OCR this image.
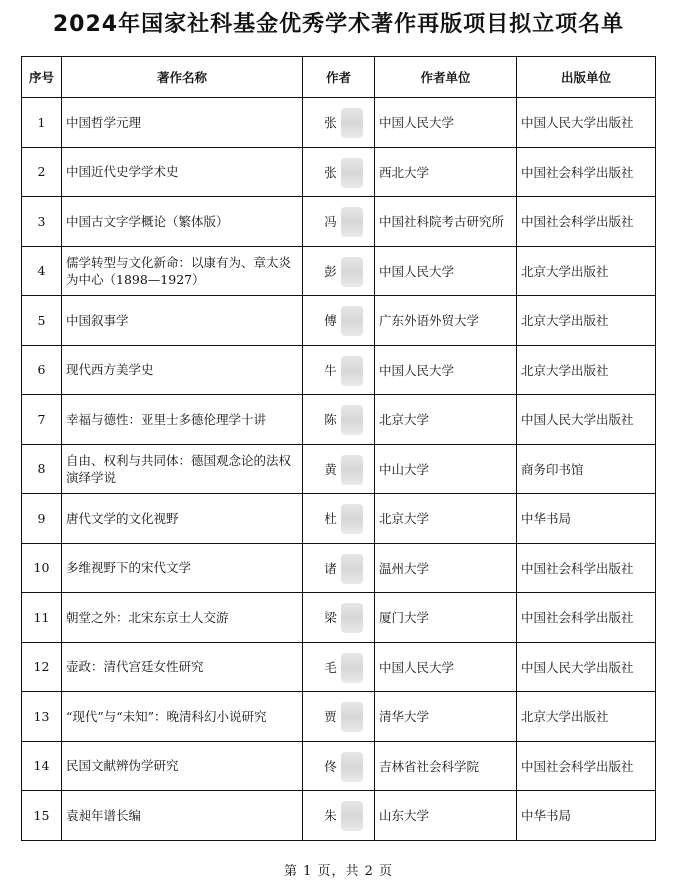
2024年国家社科基金优秀学术著作再版项目拟立项名单
序号	著作名称	作者	作者单位	出版单位
1	中国哲学元理	张	中国人民大学	中国人民大学出版社
2	中国近代史学学术史	张	西北大学	中国社会科学出版社
3	中国古文字学概论（繁体版）	冯	中国社科院考古研究所	中国社会科学出版社
4	儒学转型与文化新命：以康有为、章太炎为中心（1898—1927）	彭	中国人民大学	北京大学出版社
5	中国叙事学	傅	广东外语外贸大学	北京大学出版社
6	现代西方美学史	牛	中国人民大学	北京大学出版社
7	幸福与德性：亚里士多德伦理学十讲	陈	北京大学	中国人民大学出版社
8	自由、权利与共同体：德国观念论的法权演绎学说	黄	中山大学	商务印书馆
9	唐代文学的文化视野	杜	北京大学	中华书局
10	多维视野下的宋代文学	诸	温州大学	中国社会科学出版社
11	朝堂之外：北宋东京士人交游	梁	厦门大学	中国社会科学出版社
12	壶政：清代宫廷女性研究	毛	中国人民大学	中国人民大学出版社
13	“现代”与“未知”：晚清科幻小说研究	贾	清华大学	北京大学出版社
14	民国文献辨伪学研究	佟	吉林省社会科学院	中国社会科学出版社
15	袁昶年谱长编	朱	山东大学	中华书局
第 1 页，共 2 页
